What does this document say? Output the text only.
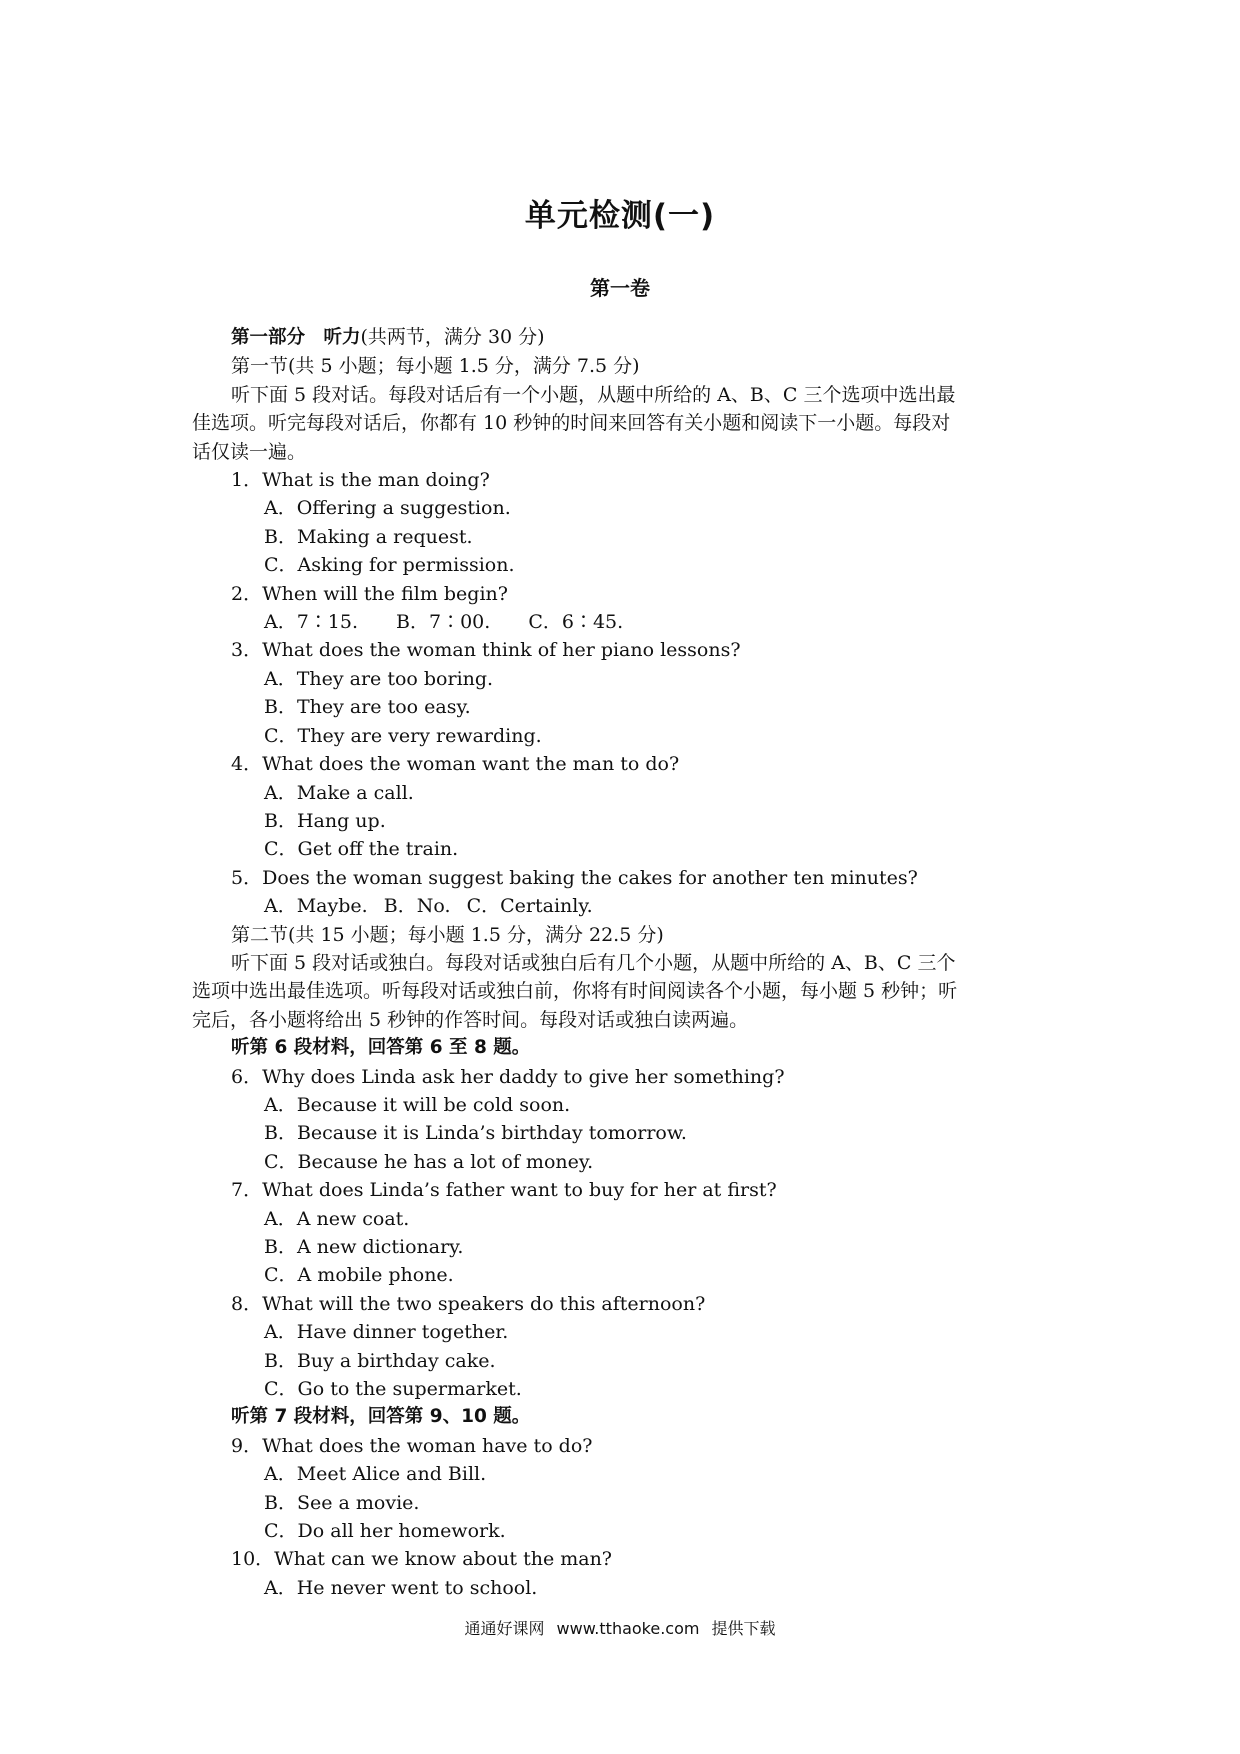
单元检测(一)
第一卷
第一部分　听力(共两节，满分 30 分)
第一节(共 5 小题；每小题 1.5 分，满分 7.5 分)
听下面 5 段对话。每段对话后有一个小题，从题中所给的 A、B、C 三个选项中选出最
佳选项。听完每段对话后，你都有 10 秒钟的时间来回答有关小题和阅读下一小题。每段对
话仅读一遍。
1．What is the man doing?
A．Offering a suggestion.
B．Making a request.
C．Asking for permission.
2．When will the film begin?
A．7∶15. B．7∶00. C．6∶45.
3．What does the woman think of her piano lessons?
A．They are too boring.
B．They are too easy.
C．They are very rewarding.
4．What does the woman want the man to do?
A．Make a call.
B．Hang up.
C．Get off the train.
5．Does the woman suggest baking the cakes for another ten minutes?
A．Maybe. B．No. C．Certainly.
第二节(共 15 小题；每小题 1.5 分，满分 22.5 分)
听下面 5 段对话或独白。每段对话或独白后有几个小题，从题中所给的 A、B、C 三个
选项中选出最佳选项。听每段对话或独白前，你将有时间阅读各个小题，每小题 5 秒钟；听
完后，各小题将给出 5 秒钟的作答时间。每段对话或独白读两遍。
听第 6 段材料，回答第 6 至 8 题。
6．Why does Linda ask her daddy to give her something?
A．Because it will be cold soon.
B．Because it is Linda’s birthday tomorrow.
C．Because he has a lot of money.
7．What does Linda’s father want to buy for her at first?
A．A new coat.
B．A new dictionary.
C．A mobile phone.
8．What will the two speakers do this afternoon?
A．Have dinner together.
B．Buy a birthday cake.
C．Go to the supermarket.
听第 7 段材料，回答第 9、10 题。
9．What does the woman have to do?
A．Meet Alice and Bill.
B．See a movie.
C．Do all her homework.
10．What can we know about the man?
A．He never went to school.
通通好课网 www.tthaoke.com 提供下载
